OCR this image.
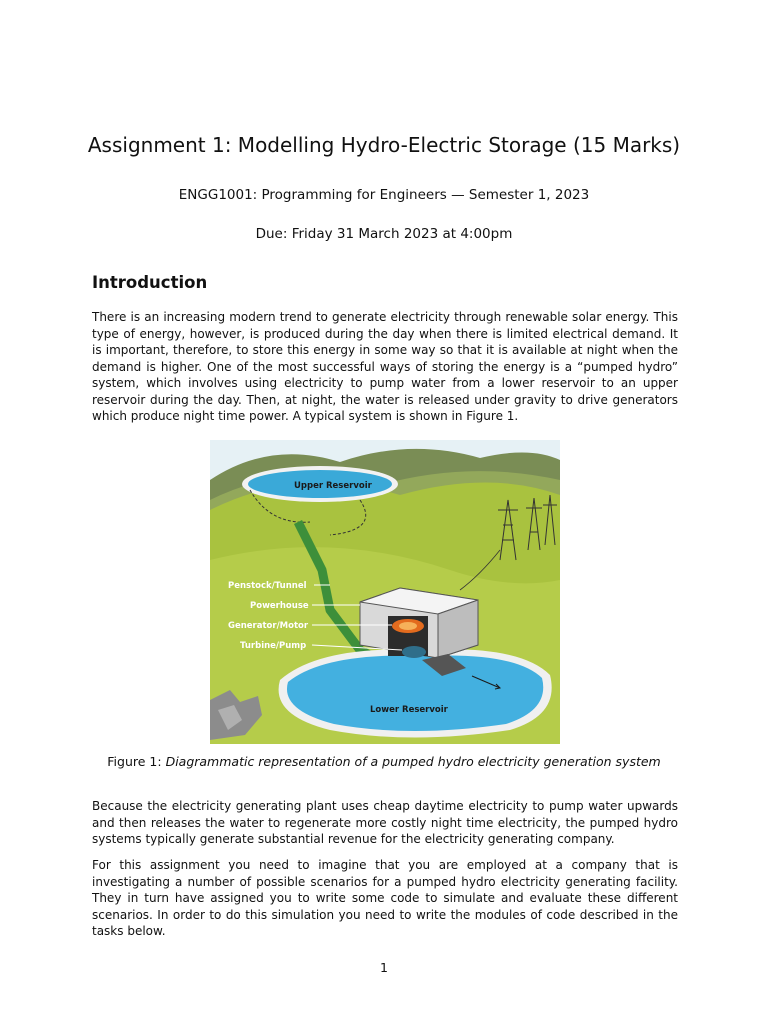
Assignment 1: Modelling Hydro-Electric Storage (15 Marks)

ENGG1001: Programming for Engineers — Semester 1, 2023

Due: Friday 31 March 2023 at 4:00pm

Introduction

There is an increasing modern trend to generate electricity through renewable solar energy. This type of energy, however, is produced during the day when there is limited electrical demand. It is important, therefore, to store this energy in some way so that it is available at night when the demand is higher. One of the most successful ways of storing the energy is a “pumped hydro” system, which involves using electricity to pump water from a lower reservoir to an upper reservoir during the day. Then, at night, the water is released under gravity to drive generators which produce night time power. A typical system is shown in Figure 1.

Upper Reservoir
Lower Reservoir
Penstock/Tunnel
Powerhouse
Generator/Motor
Turbine/Pump

Figure 1: Diagrammatic representation of a pumped hydro electricity generation system

Because the electricity generating plant uses cheap daytime electricity to pump water upwards and then releases the water to regenerate more costly night time electricity, the pumped hydro systems typically generate substantial revenue for the electricity generating company.

For this assignment you need to imagine that you are employed at a company that is investigating a number of possible scenarios for a pumped hydro electricity generating facility. They in turn have assigned you to write some code to simulate and evaluate these different scenarios. In order to do this simulation you need to write the modules of code described in the tasks below.

1
